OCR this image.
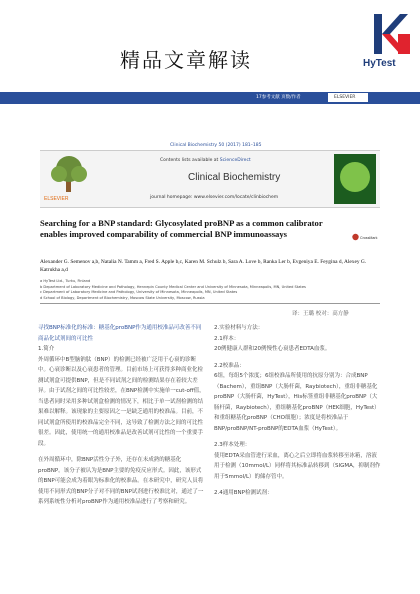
精品文章解读	HyTest
17参考文献 页数/作者	ELSEVIER
Clinical Biochemistry 50 (2017) 181–185
ELSEVIER
Contents lists available at ScienceDirect
Clinical Biochemistry
journal homepage: www.elsevier.com/locate/clinbiochem
Searching for a BNP standard: Glycosylated proBNP as a common calibrator enables improved comparability of commercial BNP immunoassays	CrossMark
Alexander G. Semenov a,b, Natalia N. Tamm a, Fred S. Apple b,c, Karen M. Schulz b, Sara A. Love b, Ranka Ler b, Evgeniya E. Feygina d, Alexey G. Katrukha a,d
a HyTest Ltd., Turku, Finland
b Department of Laboratory Medicine and Pathology, Hennepin County Medical Center and University of Minnesota, Minneapolis, MN, United States
c Department of Laboratory Medicine and Pathology, University of Minnesota, Minneapolis, MN, United States
d School of Biology, Department of Biochemistry, Moscow State University, Moscow, Russia
译：王璐 校对：高方静

寻找BNP标准化的标准：糖基化proBNP作为通用校准品可改善不同商品化试剂间的可比性

1.简介

外周循环中B型脑钠肽（BNP）的检测已经被广泛用于心衰的诊断中。心衰诊断以及心衰患者的管理。目前市场上可获得多种商业化检测试剂盒可提供BNP，但是不同试剂之间的检测结果存在着较大差异。由于试剂之间的可比性较差，在BNP检测中实施单一cut-off值，当患者同时采用多种试剂盒检测的情况下，相比于单一试剂检测的结果难以解释。该现象的主要原因之一是缺乏通用的校准品。目前，不同试剂盒所使用的校准品完全不同，这导致了检测方法之间的可比性很差。因此，使用统一的通用校准品是改善试剂可比性的一个重要手段。

在外周循环中，除BNP活性分子外，还存在未成熟的糖基化proBNP。该分子被认为是BNP主要的免疫反应形式。因此，该形式的BNP可能会成为着眼为标准化的校准品。在本研究中，研究人员将使用不同形式的BNP分子对不同的BNP试剂进行校准比对，通过了一系列系统性分析对proBNP作为通用校准品进行了考察和研究。

2.实验材料与方法：

2.1样本：

20例健康人群和20例慢性心衰患者EDTA血浆。

2.2校准品：

6组，每组5个浓度；6组校准品所使用的抗原分别为：合成BNP（Bachem），重组BNP（大肠杆菌，Raybiotech），重组非糖基化proBNP（大肠杆菌，HyTest），His标签重组非糖基化proBNP（大肠杆菌，Raybiotech），重组糖基化proBNP（HEK细胞，HyTest）和重组糖基化proBNP（CHO细胞）；浓度是将校准品于BNP/proBNP/NT-proBNP的EDTA血浆（HyTest）。

2.3样本处理：

使用EDTA采血管进行采血，离心之后立即将血浆转移至冰箱，溶液用于检测（10mmol/L）同样将其标准品转移到（SIGMA，抑制剂作用于5mmol/L）的储存管中。

2.4通用BNP检测试剂：
